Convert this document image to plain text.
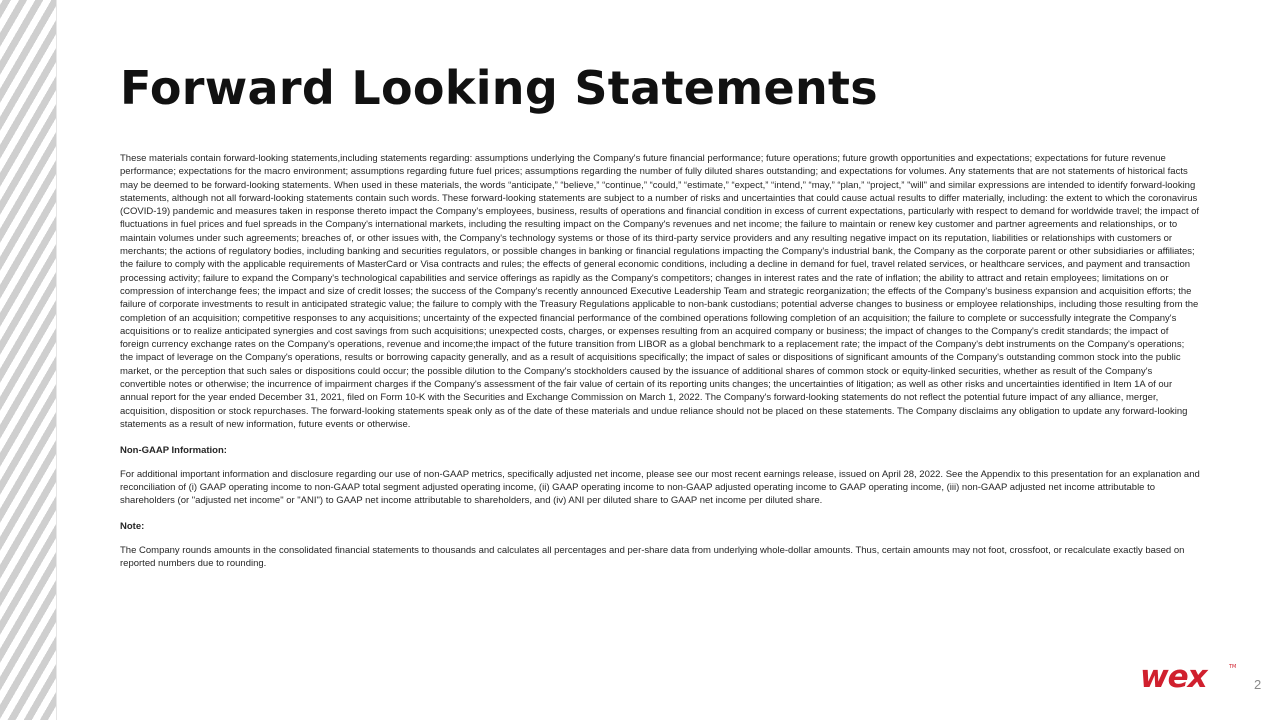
Forward Looking Statements

These materials contain forward-looking statements,including statements regarding: assumptions underlying the Company's future financial performance; future operations; future growth opportunities and expectations; expectations for future revenue performance; expectations for the macro environment; assumptions regarding future fuel prices; assumptions regarding the number of fully diluted shares outstanding; and expectations for volumes. Any statements that are not statements of historical facts may be deemed to be forward-looking statements. When used in these materials, the words “anticipate,” “believe,” “continue,” “could,” “estimate,” “expect,” “intend,” “may,” “plan,” “project,” "will" and similar expressions are intended to identify forward-looking statements, although not all forward-looking statements contain such words. These forward-looking statements are subject to a number of risks and uncertainties that could cause actual results to differ materially, including: the extent to which the coronavirus (COVID-19) pandemic and measures taken in response thereto impact the Company's employees, business, results of operations and financial condition in excess of current expectations, particularly with respect to demand for worldwide travel; the impact of fluctuations in fuel prices and fuel spreads in the Company's international markets, including the resulting impact on the Company's revenues and net income; the failure to maintain or renew key customer and partner agreements and relationships, or to maintain volumes under such agreements; breaches of, or other issues with, the Company's technology systems or those of its third-party service providers and any resulting negative impact on its reputation, liabilities or relationships with customers or merchants; the actions of regulatory bodies, including banking and securities regulators, or possible changes in banking or financial regulations impacting the Company's industrial bank, the Company as the corporate parent or other subsidiaries or affiliates; the failure to comply with the applicable requirements of MasterCard or Visa contracts and rules; the effects of general economic conditions, including a decline in demand for fuel, travel related services, or healthcare services, and payment and transaction processing activity; failure to expand the Company's technological capabilities and service offerings as rapidly as the Company's competitors; changes in interest rates and the rate of inflation; the ability to attract and retain employees; limitations on or compression of interchange fees; the impact and size of credit losses; the success of the Company's recently announced Executive Leadership Team and strategic reorganization; the effects of the Company's business expansion and acquisition efforts; the failure of corporate investments to result in anticipated strategic value; the failure to comply with the Treasury Regulations applicable to non-bank custodians; potential adverse changes to business or employee relationships, including those resulting from the completion of an acquisition; competitive responses to any acquisitions; uncertainty of the expected financial performance of the combined operations following completion of an acquisition; the failure to complete or successfully integrate the Company's acquisitions or to realize anticipated synergies and cost savings from such acquisitions; unexpected costs, charges, or expenses resulting from an acquired company or business; the impact of changes to the Company's credit standards; the impact of foreign currency exchange rates on the Company's operations, revenue and income;the impact of the future transition from LIBOR as a global benchmark to a replacement rate; the impact of the Company's debt instruments on the Company's operations; the impact of leverage on the Company's operations, results or borrowing capacity generally, and as a result of acquisitions specifically; the impact of sales or dispositions of significant amounts of the Company's outstanding common stock into the public market, or the perception that such sales or dispositions could occur; the possible dilution to the Company's stockholders caused by the issuance of additional shares of common stock or equity-linked securities, whether as result of the Company's convertible notes or otherwise; the incurrence of impairment charges if the Company's assessment of the fair value of certain of its reporting units changes; the uncertainties of litigation; as well as other risks and uncertainties identified in Item 1A of our annual report for the year ended December 31, 2021, filed on Form 10-K with the Securities and Exchange Commission on March 1, 2022. The Company's forward-looking statements do not reflect the potential future impact of any alliance, merger, acquisition, disposition or stock repurchases. The forward-looking statements speak only as of the date of these materials and undue reliance should not be placed on these statements. The Company disclaims any obligation to update any forward-looking statements as a result of new information, future events or otherwise.

Non-GAAP Information:

For additional important information and disclosure regarding our use of non-GAAP metrics, specifically adjusted net income, please see our most recent earnings release, issued on April 28, 2022. See the Appendix to this presentation for an explanation and reconciliation of (i) GAAP operating income to non-GAAP total segment adjusted operating income, (ii) GAAP operating income to non-GAAP adjusted operating income to GAAP operating income, (iii) non-GAAP adjusted net income attributable to shareholders (or "adjusted net income" or "ANI") to GAAP net income attributable to shareholders, and (iv) ANI per diluted share to GAAP net income per diluted share.

Note:

The Company rounds amounts in the consolidated financial statements to thousands and calculates all percentages and per-share data from underlying whole-dollar amounts. Thus, certain amounts may not foot, crossfoot, or recalculate exactly based on reported numbers due to rounding.

wex	TM
2
